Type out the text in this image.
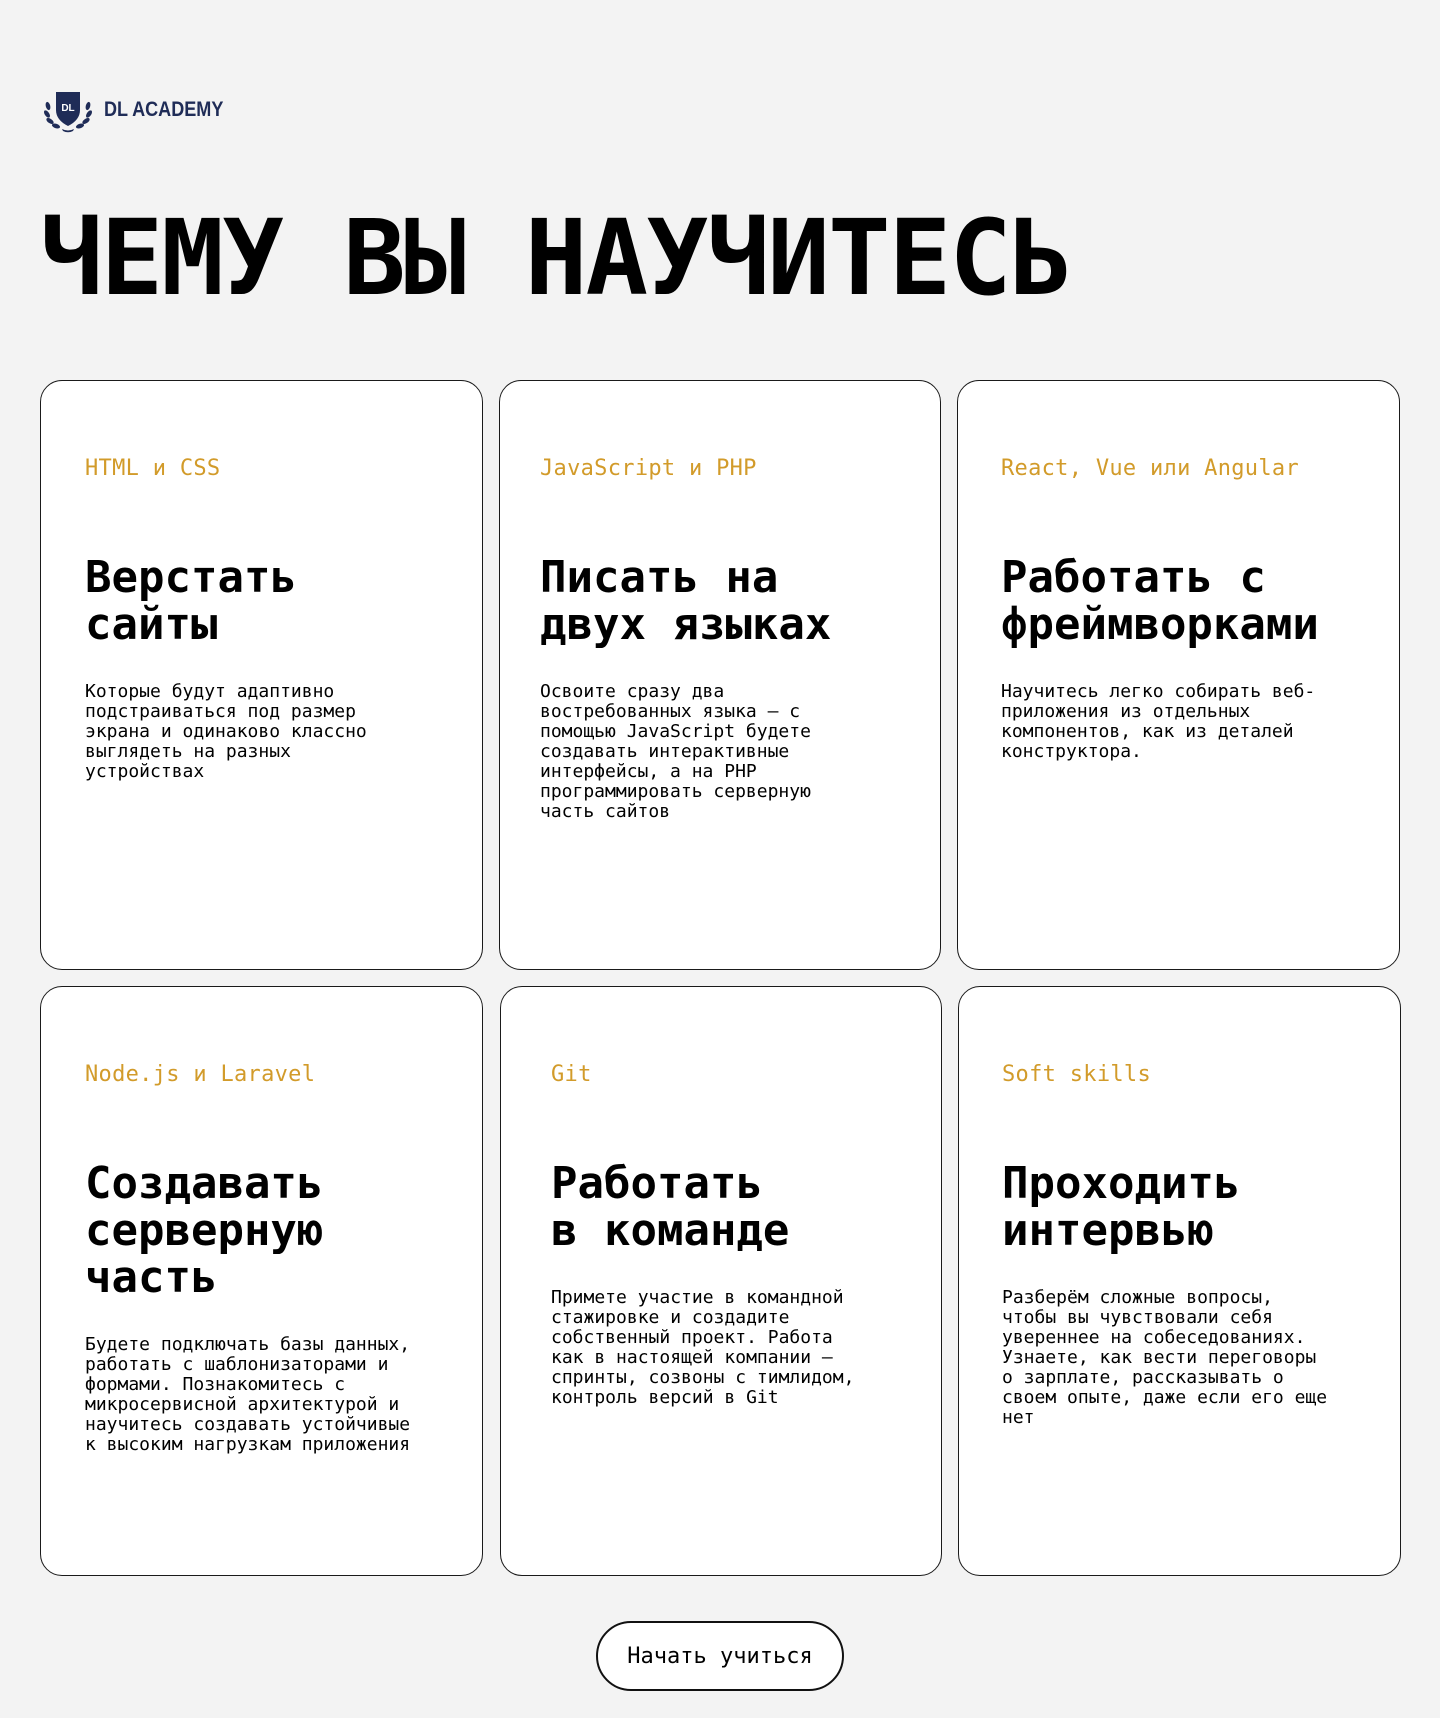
DL DL ACADEMY
ЧЕМУ ВЫ НАУЧИТЕСЬ
HTML и CSS
Верстать
сайты
Которые будут адаптивно
подстраиваться под размер
экрана и одинаково классно
выглядеть на разных
устройствах
JavaScript и PHP
Писать на
двух языках
Освоите сразу два
востребованных языка — с
помощью JavaScript будете
создавать интерактивные
интерфейсы, а на PHP
программировать серверную
часть сайтов
React, Vue или Angular
Работать с
фреймворками
Научитесь легко собирать веб-
приложения из отдельных
компонентов, как из деталей
конструктора.
Node.js и Laravel
Создавать
серверную
часть
Будете подключать базы данных,
работать с шаблонизаторами и
формами. Познакомитесь с
микросервисной архитектурой и
научитесь создавать устойчивые
к высоким нагрузкам приложения
Git
Работать
в команде
Примете участие в командной
стажировке и создадите
собственный проект. Работа
как в настоящей компании —
спринты, созвоны с тимлидом,
контроль версий в Git
Soft skills
Проходить
интервью
Разберём сложные вопросы,
чтобы вы чувствовали себя
увереннее на собеседованиях.
Узнаете, как вести переговоры
о зарплате, рассказывать о
своем опыте, даже если его еще
нет
Начать учиться
